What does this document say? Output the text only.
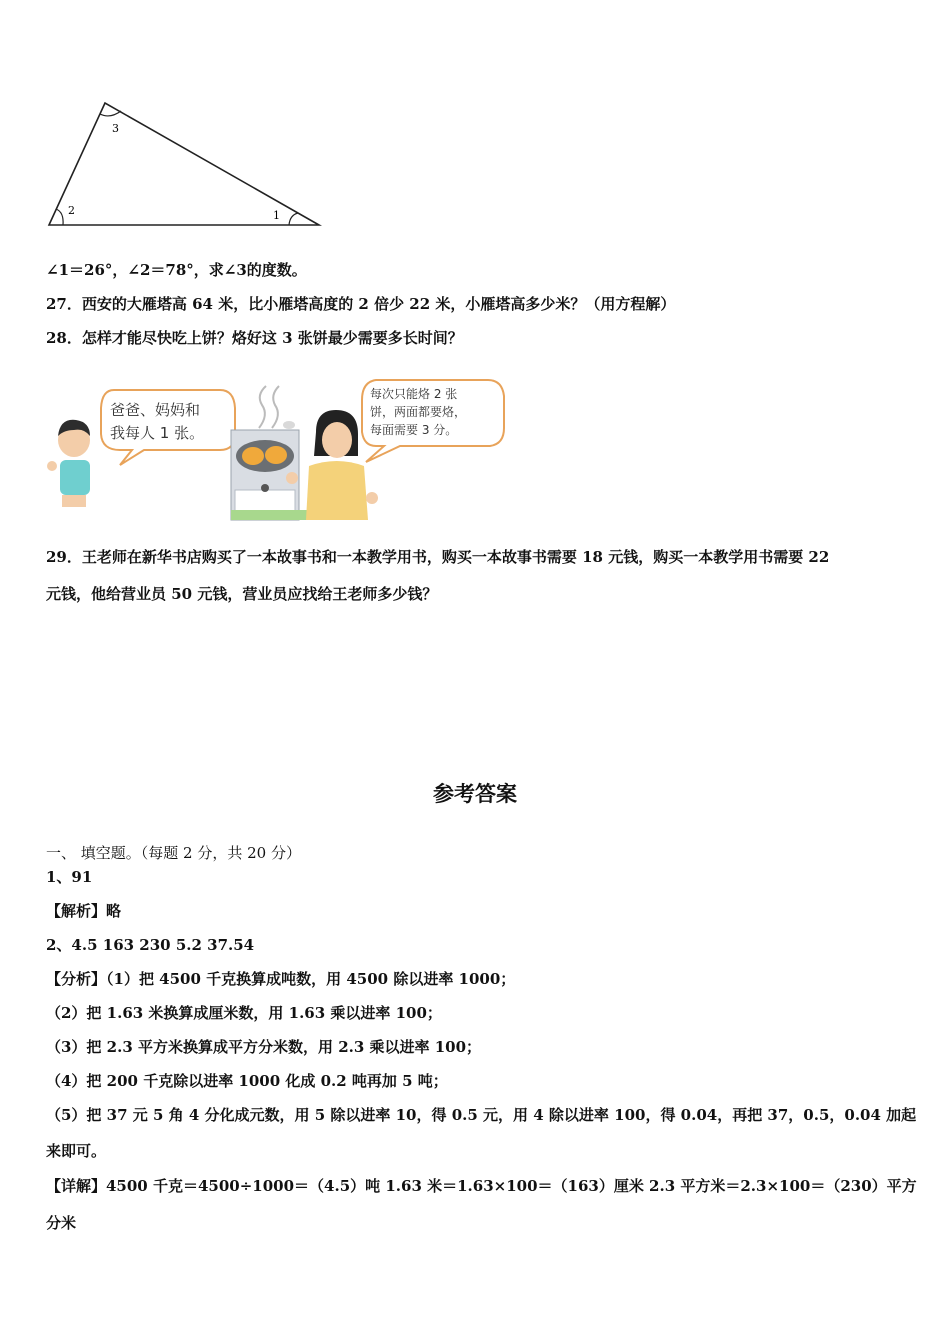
3
2	1
∠1＝26°，∠2＝78°，求∠3的度数。
27．西安的大雁塔高 64 米，比小雁塔高度的 2 倍少 22 米，小雁塔高多少米？（用方程解）
28．怎样才能尽快吃上饼？烙好这 3 张饼最少需要多长时间？
爸爸、妈妈和
我每人 1 张。
每次只能烙 2 张
饼，两面都要烙，
每面需要 3 分。
29．王老师在新华书店购买了一本故事书和一本教学用书，购买一本故事书需要 18 元钱，购买一本教学用书需要 22
元钱，他给营业员 50 元钱，营业员应找给王老师多少钱？
参考答案
一、 填空题。（每题 2 分，共 20 分）
1、91
【解析】略
2、4.5 163 230 5.2 37.54
【分析】（1）把 4500 千克换算成吨数，用 4500 除以进率 1000；
（2）把 1.63 米换算成厘米数，用 1.63 乘以进率 100；
（3）把 2.3 平方米换算成平方分米数，用 2.3 乘以进率 100；
（4）把 200 千克除以进率 1000 化成 0.2 吨再加 5 吨；
（5）把 37 元 5 角 4 分化成元数，用 5 除以进率 10，得 0.5 元，用 4 除以进率 100，得 0.04，再把 37，0.5，0.04 加起
来即可。
【详解】4500 千克＝4500÷1000＝（4.5）吨 1.63 米＝1.63×100＝（163）厘米 2.3 平方米＝2.3×100＝（230）平方
分米
